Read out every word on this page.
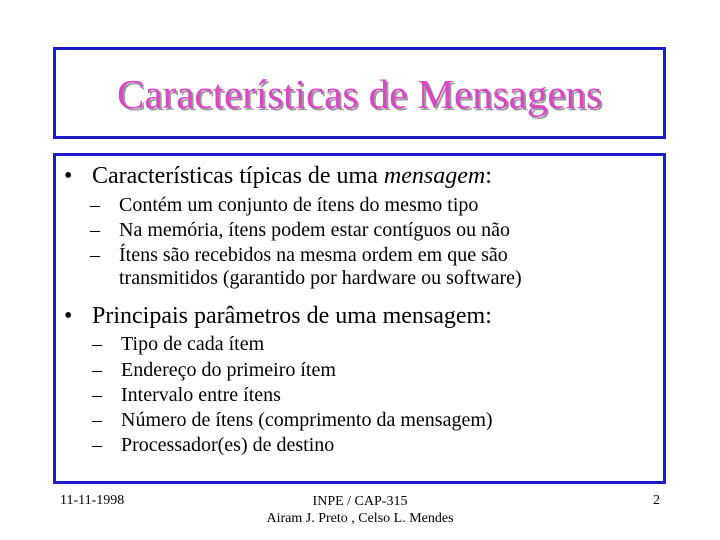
Características de Mensagens
• Características típicas de uma mensagem:
– Contém um conjunto de ítens do mesmo tipo
– Na memória, ítens podem estar contíguos ou não
– Ítens são recebidos na mesma ordem em que são
transmitidos (garantido por hardware ou software)
• Principais parâmetros de uma mensagem:
– Tipo de cada ítem
– Endereço do primeiro ítem
– Intervalo entre ítens
– Número de ítens (comprimento da mensagem)
– Processador(es) de destino
11-11-1998	INPE / CAP-315
Airam J. Preto , Celso L. Mendes
2
